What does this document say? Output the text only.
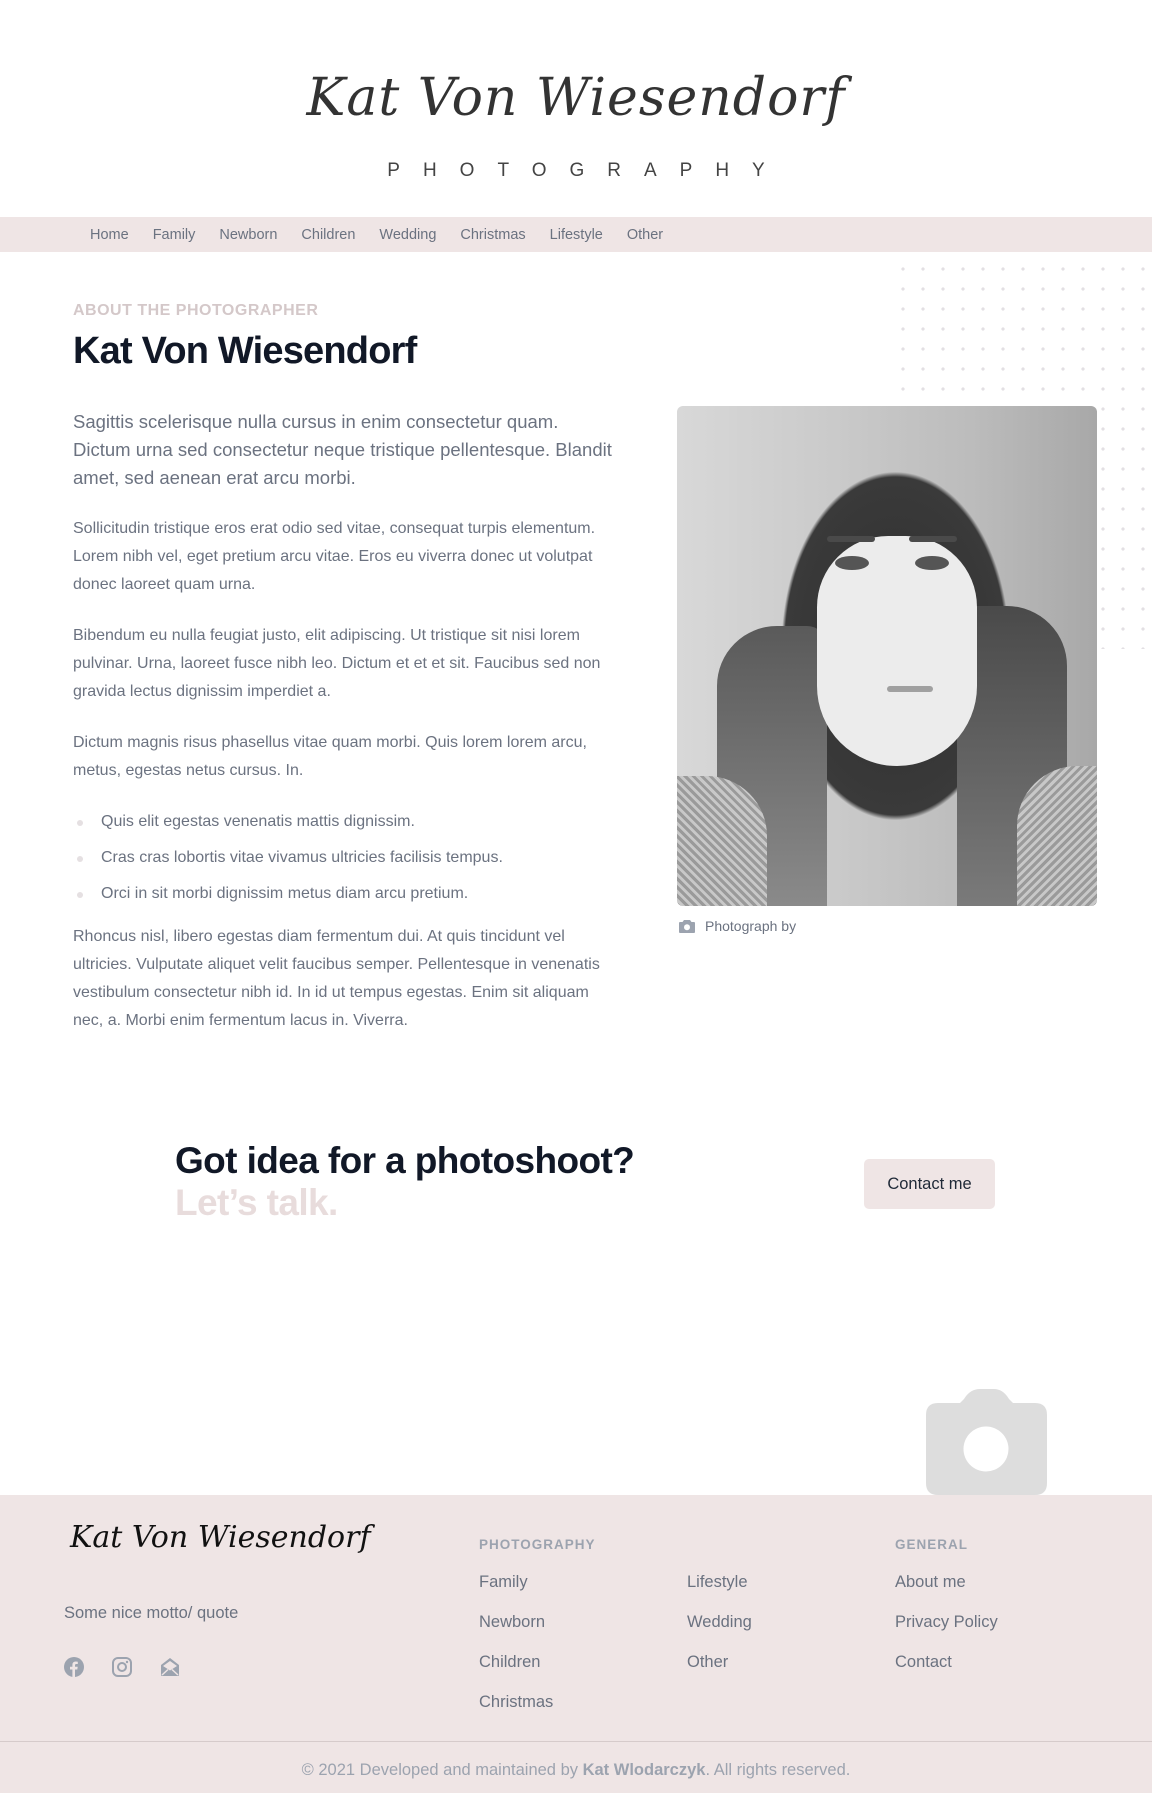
Kat Von Wiesendorf
PHOTOGRAPHY
Home Family Newborn Children Wedding Christmas Lifestyle Other
ABOUT THE PHOTOGRAPHER
Kat Von Wiesendorf

Sagittis scelerisque nulla cursus in enim consectetur quam. Dictum urna sed consectetur neque tristique pellentesque. Blandit amet, sed aenean erat arcu morbi.

Sollicitudin tristique eros erat odio sed vitae, consequat turpis elementum. Lorem nibh vel, eget pretium arcu vitae. Eros eu viverra donec ut volutpat donec laoreet quam urna.

Bibendum eu nulla feugiat justo, elit adipiscing. Ut tristique sit nisi lorem pulvinar. Urna, laoreet fusce nibh leo. Dictum et et et sit. Faucibus sed non gravida lectus dignissim imperdiet a.

Dictum magnis risus phasellus vitae quam morbi. Quis lorem lorem arcu, metus, egestas netus cursus. In.

Quis elit egestas venenatis mattis dignissim.
Cras cras lobortis vitae vivamus ultricies facilisis tempus.
Orci in sit morbi dignissim metus diam arcu pretium.

Rhoncus nisl, libero egestas diam fermentum dui. At quis tincidunt vel ultricies. Vulputate aliquet velit faucibus semper. Pellentesque in venenatis vestibulum consectetur nibh id. In id ut tempus egestas. Enim sit aliquam nec, a. Morbi enim fermentum lacus in. Viverra.

Photograph by
Got idea for a photoshoot?
Let’s talk.	Contact me
Kat Von Wiesendorf
Some nice motto/ quote
PHOTOGRAPHY
Family
Newborn
Children
Christmas
Lifestyle
Wedding
Other
GENERAL
About me
Privacy Policy
Contact
© 2021 Developed and maintained by Kat Wlodarczyk. All rights reserved.
